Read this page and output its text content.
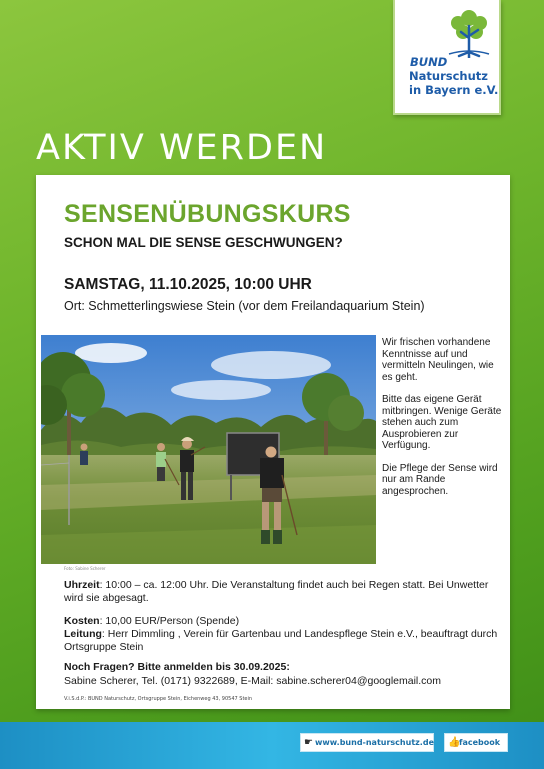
BUND
Naturschutz
in Bayern e.V.
AKTIV WERDEN
SENSENÜBUNGSKURS
SCHON MAL DIE SENSE GESCHWUNGEN?
SAMSTAG, 11.10.2025, 10:00 UHR
Ort: Schmetterlingswiese Stein (vor dem Freilandaquarium Stein)
Foto: Sabine Scherer

Wir frischen vorhandene Kenntnisse auf und vermitteln Neulingen, wie es geht.

Bitte das eigene Gerät mitbringen. Wenige Geräte stehen auch zum Ausprobieren zur Verfügung.

Die Pflege der Sense wird nur am Rande angesprochen.

Uhrzeit: 10:00 – ca. 12:00 Uhr. Die Veranstaltung findet auch bei Regen statt. Bei Unwetter wird sie abgesagt.
Kosten: 10,00 EUR/Person (Spende)
Leitung: Herr Dimmling , Verein für Gartenbau und Landespflege Stein e.V., beauftragt durch Ortsgruppe Stein
Noch Fragen? Bitte anmelden bis 30.09.2025:
Sabine Scherer, Tel. (0171) 9322689, E-Mail: sabine.scherer04@googlemail.com
V.i.S.d.P.: BUND Naturschutz, Ortsgruppe Stein, Eichenweg 43, 90547 Stein
☛ www.bund-naturschutz.de 👍
facebook
